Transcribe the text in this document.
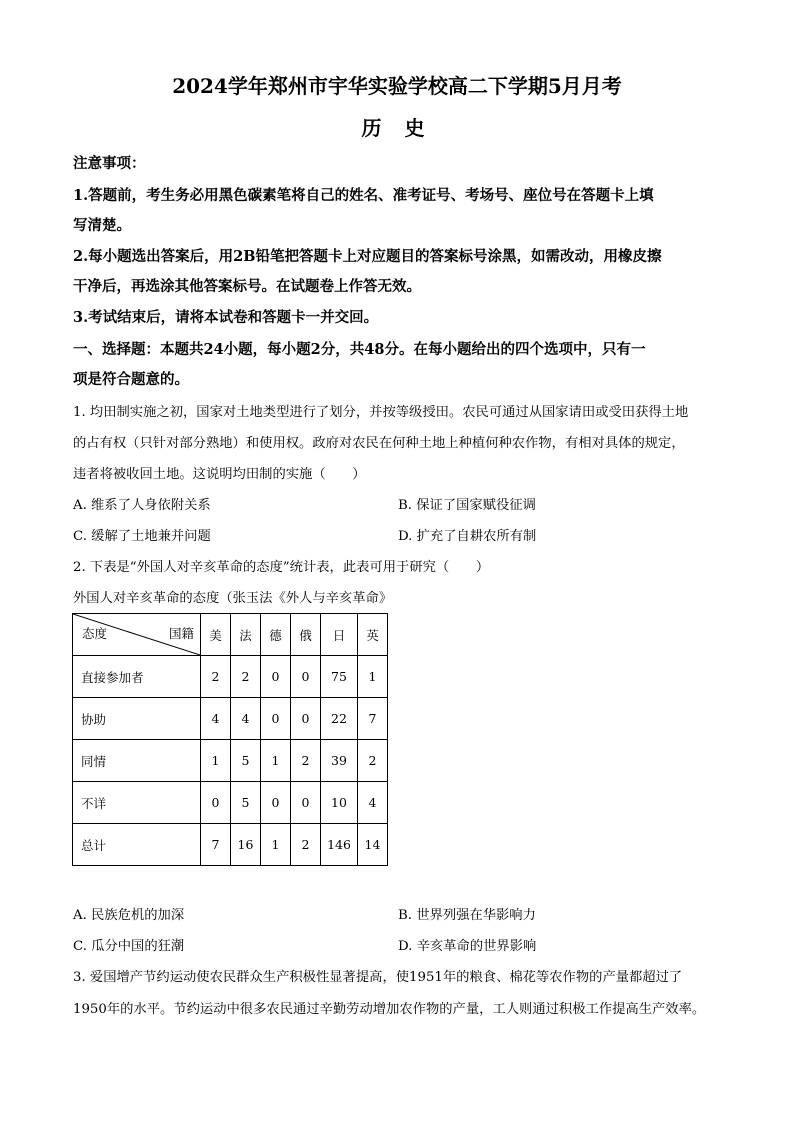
2024学年郑州市宇华实验学校高二下学期5月月考
历 史
注意事项：
1.答题前，考生务必用黑色碳素笔将自己的姓名、准考证号、考场号、座位号在答题卡上填
写清楚。
2.每小题选出答案后，用2B铅笔把答题卡上对应题目的答案标号涂黑，如需改动，用橡皮擦
干净后，再选涂其他答案标号。在试题卷上作答无效。
3.考试结束后，请将本试卷和答题卡一并交回。
一、选择题：本题共24小题，每小题2分，共48分。在每小题给出的四个选项中，只有一
项是符合题意的。
1. 均田制实施之初，国家对土地类型进行了划分，并按等级授田。农民可通过从国家请田或受田获得土地
的占有权（只针对部分熟地）和使用权。政府对农民在何种土地上种植何种农作物，有相对具体的规定，
违者将被收回土地。这说明均田制的实施（　　）
A. 维系了人身依附关系	B. 保证了国家赋役征调
C. 缓解了土地兼并问题	D. 扩充了自耕农所有制
2. 下表是“外国人对辛亥革命的态度”统计表，此表可用于研究（　　）
外国人对辛亥革命的态度（张玉法《外人与辛亥革命》
态度 国籍	美	法	德	俄	日	英
直接参加者	2	2	0	0	75	1
协助	4	4	0	0	22	7
同情	1	5	1	2	39	2
不详	0	5	0	0	10	4
总计	7	16	1	2	146	14
A. 民族危机的加深	B. 世界列强在华影响力
C. 瓜分中国的狂潮	D. 辛亥革命的世界影响
3. 爱国增产节约运动使农民群众生产积极性显著提高，使1951年的粮食、棉花等农作物的产量都超过了
1950年的水平。节约运动中很多农民通过辛勤劳动增加农作物的产量，工人则通过积极工作提高生产效率。
